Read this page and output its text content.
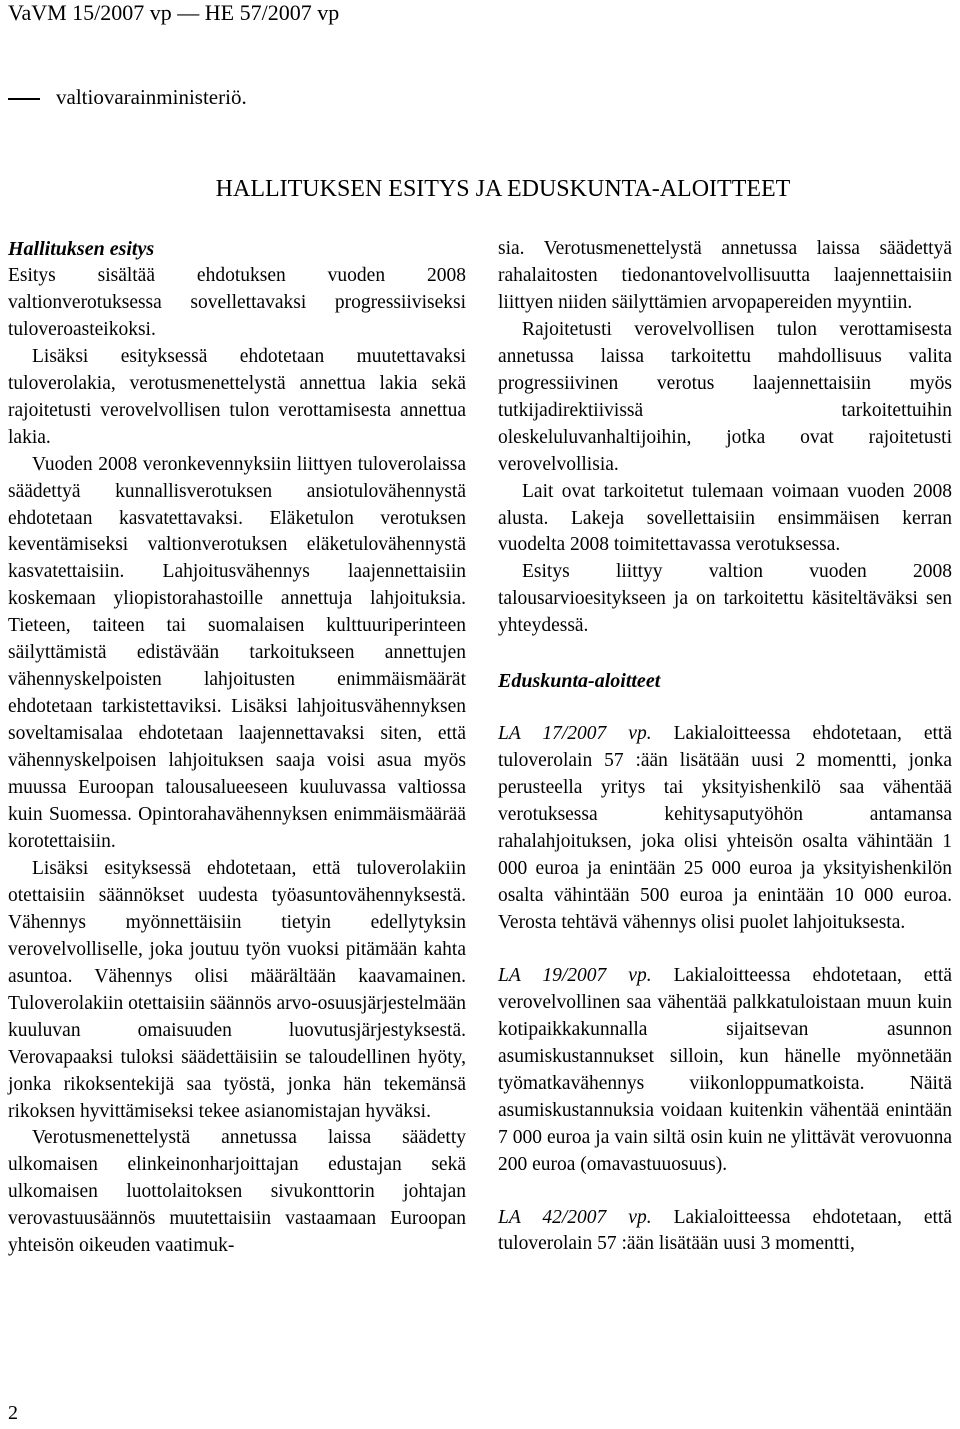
VaVM 15/2007 vp — HE 57/2007 vp
valtiovarainministeriö.
HALLITUKSEN ESITYS JA EDUSKUNTA-ALOITTEET
Hallituksen esitys

Esitys sisältää ehdotuksen vuoden 2008 valtionverotuksessa sovellettavaksi progressiiviseksi tuloveroasteikoksi.

Lisäksi esityksessä ehdotetaan muutettavaksi tuloverolakia, verotusmenettelystä annettua lakia sekä rajoitetusti verovelvollisen tulon verottamisesta annettua lakia.

Vuoden 2008 veronkevennyksiin liittyen tuloverolaissa säädettyä kunnallisverotuksen ansiotulovähennystä ehdotetaan kasvatettavaksi. Eläketulon verotuksen keventämiseksi valtionverotuksen eläketulovähennystä kasvatettaisiin. Lahjoitusvähennys laajennettaisiin koskemaan yliopistorahastoille annettuja lahjoituksia. Tieteen, taiteen tai suomalaisen kulttuuriperinteen säilyttämistä edistävään tarkoitukseen annettujen vähennyskelpoisten lahjoitusten enimmäismäärät ehdotetaan tarkistettaviksi. Lisäksi lahjoitusvähennyksen soveltamisalaa ehdotetaan laajennettavaksi siten, että vähennyskelpoisen lahjoituksen saaja voisi asua myös muussa Euroopan talousalueeseen kuuluvassa valtiossa kuin Suomessa. Opintorahavähennyksen enimmäismäärää korotettaisiin.

Lisäksi esityksessä ehdotetaan, että tuloverolakiin otettaisiin säännökset uudesta työasuntovähennyksestä. Vähennys myönnettäisiin tietyin edellytyksin verovelvolliselle, joka joutuu työn vuoksi pitämään kahta asuntoa. Vähennys olisi määrältään kaavamainen. Tuloverolakiin otettaisiin säännös arvo-osuusjärjestelmään kuuluvan omaisuuden luovutusjärjestyksestä. Verovapaaksi tuloksi säädettäisiin se taloudellinen hyöty, jonka rikoksentekijä saa työstä, jonka hän tekemänsä rikoksen hyvittämiseksi tekee asianomistajan hyväksi.

Verotusmenettelystä annetussa laissa säädetty ulkomaisen elinkeinonharjoittajan edustajan sekä ulkomaisen luottolaitoksen sivukonttorin johtajan verovastuusäännös muutettaisiin vastaamaan Euroopan yhteisön oikeuden vaatimuk-

sia. Verotusmenettelystä annetussa laissa säädettyä rahalaitosten tiedonantovelvollisuutta laajennettaisiin liittyen niiden säilyttämien arvopapereiden myyntiin.

Rajoitetusti verovelvollisen tulon verottamisesta annetussa laissa tarkoitettu mahdollisuus valita progressiivinen verotus laajennettaisiin myös tutkijadirektiivissä tarkoitettuihin oleskeluluvanhaltijoihin, jotka ovat rajoitetusti verovelvollisia.

Lait ovat tarkoitetut tulemaan voimaan vuoden 2008 alusta. Lakeja sovellettaisiin ensimmäisen kerran vuodelta 2008 toimitettavassa verotuksessa.

Esitys liittyy valtion vuoden 2008 talousarvioesitykseen ja on tarkoitettu käsiteltäväksi sen yhteydessä.

Eduskunta-aloitteet

LA 17/2007 vp. Lakialoitteessa ehdotetaan, että tuloverolain 57 :ään lisätään uusi 2 momentti, jonka perusteella yritys tai yksityishenkilö saa vähentää verotuksessa kehitysaputyöhön antamansa rahalahjoituksen, joka olisi yhteisön osalta vähintään 1 000 euroa ja enintään 25 000 euroa ja yksityishenkilön osalta vähintään 500 euroa ja enintään 10 000 euroa. Verosta tehtävä vähennys olisi puolet lahjoituksesta.

LA 19/2007 vp. Lakialoitteessa ehdotetaan, että verovelvollinen saa vähentää palkkatuloistaan muun kuin kotipaikkakunnalla sijaitsevan asunnon asumiskustannukset silloin, kun hänelle myönnetään työmatkavähennys viikonloppumatkoista. Näitä asumiskustannuksia voidaan kuitenkin vähentää enintään 7 000 euroa ja vain siltä osin kuin ne ylittävät verovuonna 200 euroa (omavastuuosuus).

LA 42/2007 vp. Lakialoitteessa ehdotetaan, että tuloverolain 57 :ään lisätään uusi 3 momentti,

2
